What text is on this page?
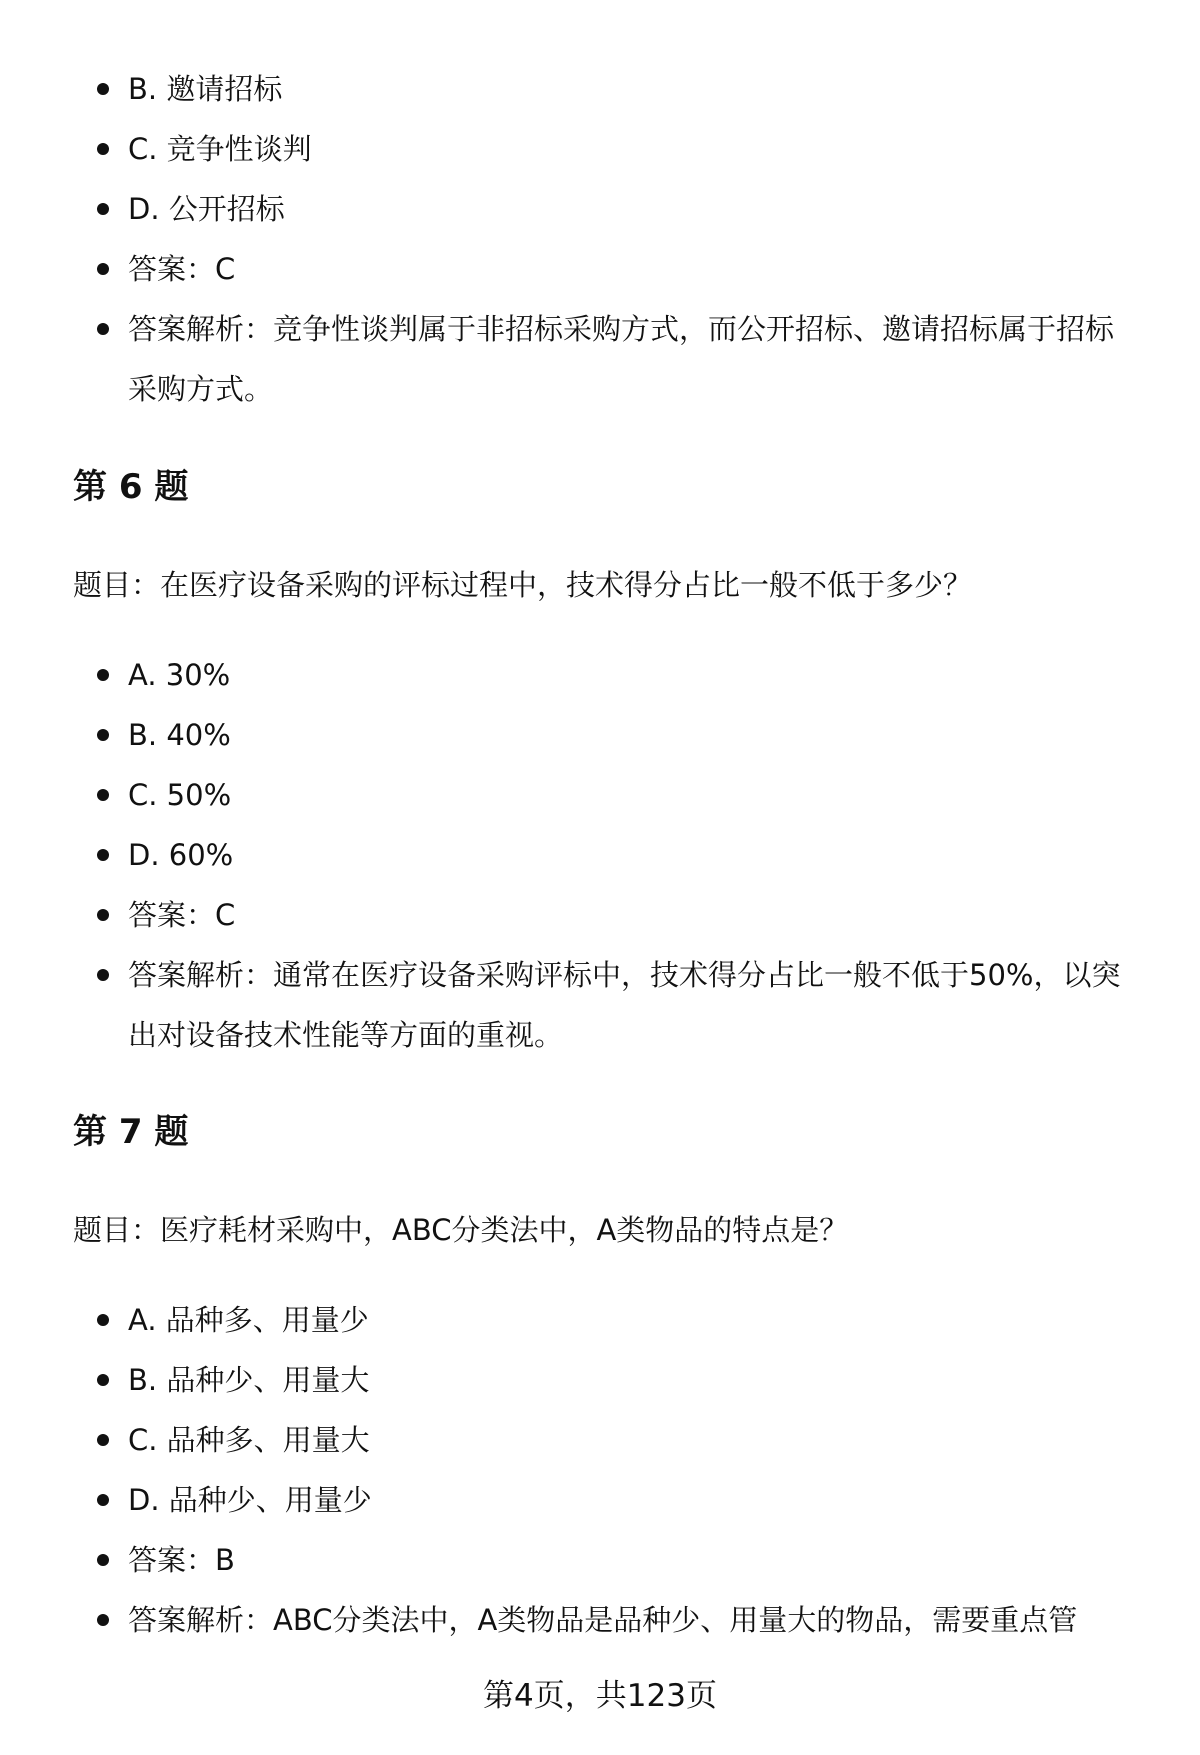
B. 邀请招标
C. 竞争性谈判
D. 公开招标
答案：C
答案解析：竞争性谈判属于非招标采购方式，而公开招标、邀请招标属于招标采购方式。
第 6 题

题目：在医疗设备采购的评标过程中，技术得分占比一般不低于多少？

A. 30%
B. 40%
C. 50%
D. 60%
答案：C
答案解析：通常在医疗设备采购评标中，技术得分占比一般不低于50%，以突出对设备技术性能等方面的重视。
第 7 题

题目：医疗耗材采购中，ABC分类法中，A类物品的特点是？

A. 品种多、用量少
B. 品种少、用量大
C. 品种多、用量大
D. 品种少、用量少
答案：B
答案解析：ABC分类法中，A类物品是品种少、用量大的物品，需要重点管
第4页，共123页
